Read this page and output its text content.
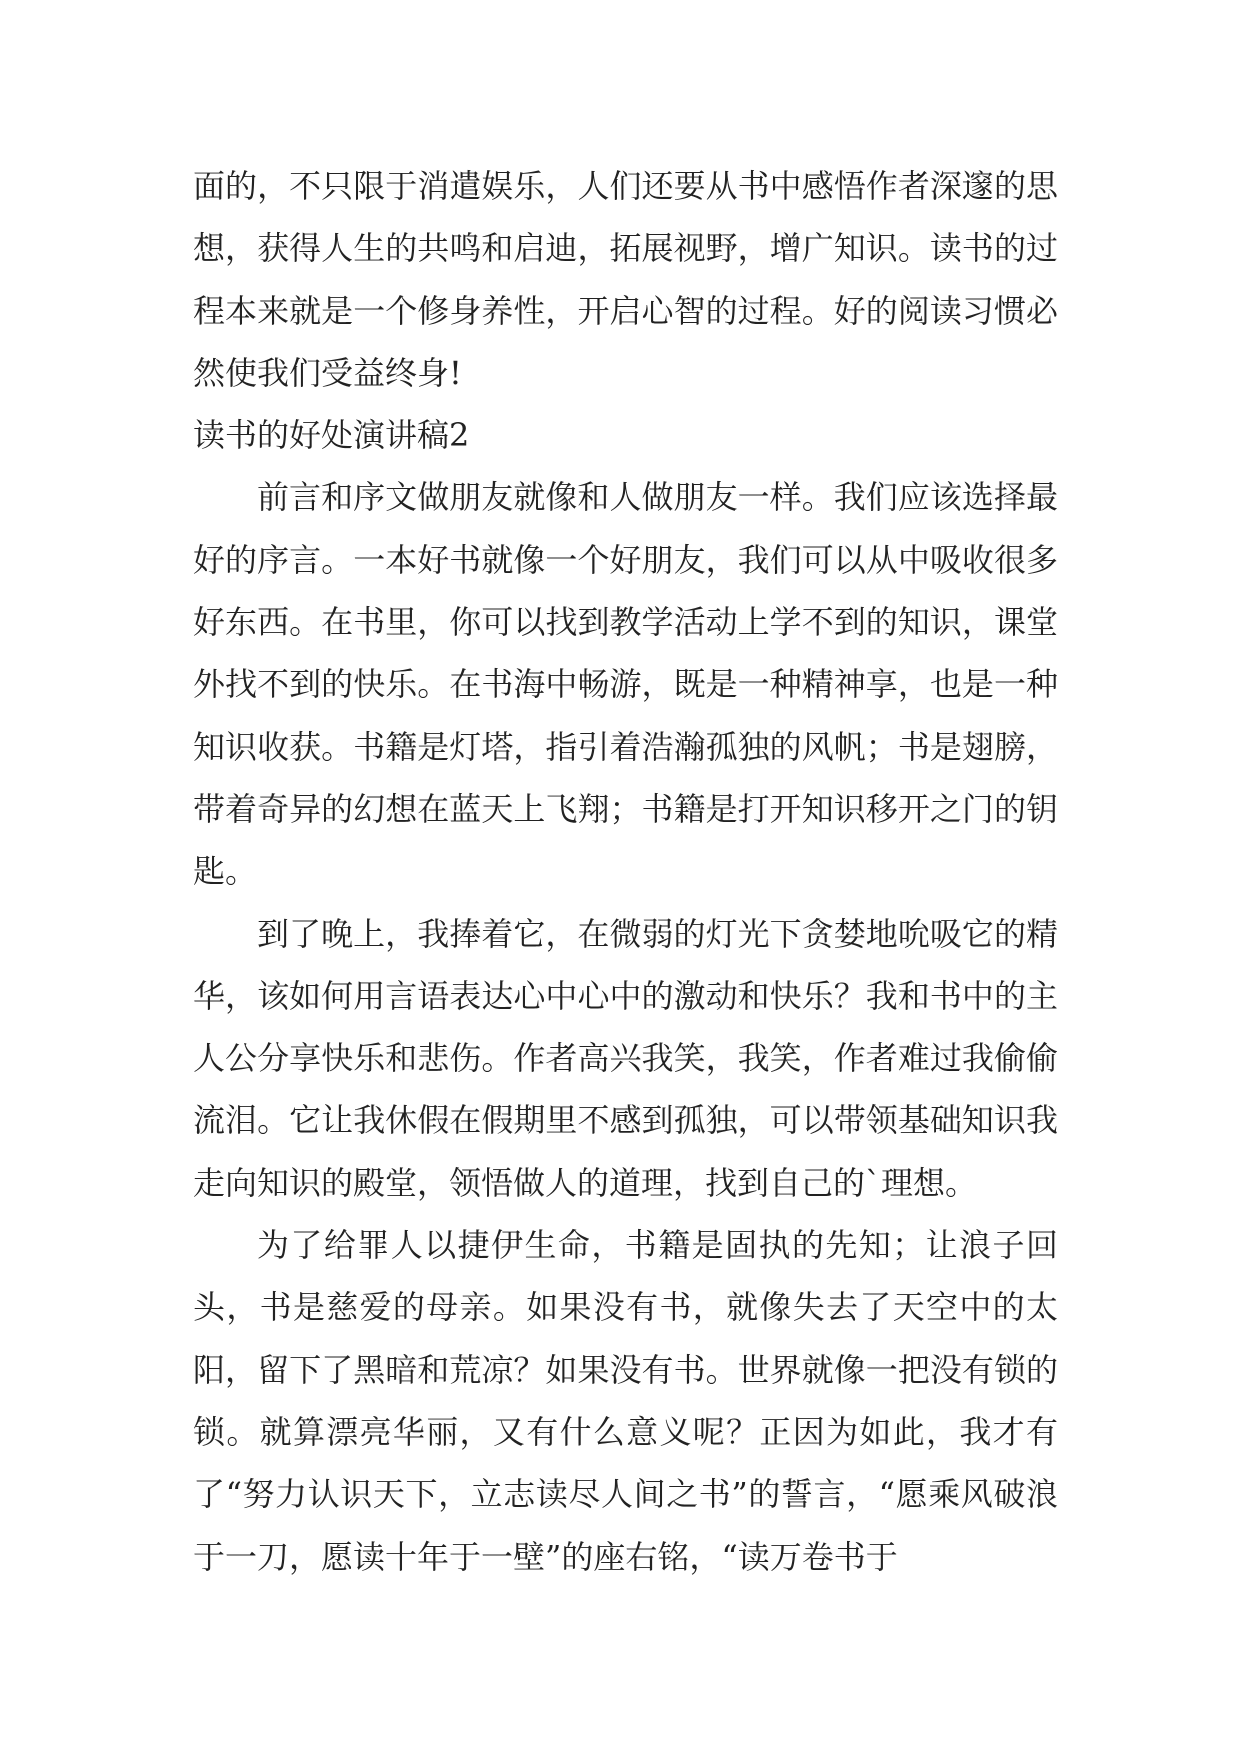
面的，不只限于消遣娱乐，人们还要从书中感悟作者深邃的思想，获得人生的共鸣和启迪，拓展视野，增广知识。读书的过程本来就是一个修身养性，开启心智的过程。好的阅读习惯必然使我们受益终身!

读书的好处演讲稿2

前言和序文做朋友就像和人做朋友一样。我们应该选择最好的序言。一本好书就像一个好朋友，我们可以从中吸收很多好东西。在书里，你可以找到教学活动上学不到的知识，课堂外找不到的快乐。在书海中畅游，既是一种精神享，也是一种知识收获。书籍是灯塔，指引着浩瀚孤独的风帆；书是翅膀，带着奇异的幻想在蓝天上飞翔；书籍是打开知识移开之门的钥匙。

到了晚上，我捧着它，在微弱的灯光下贪婪地吮吸它的精华，该如何用言语表达心中心中的激动和快乐？我和书中的主人公分享快乐和悲伤。作者高兴我笑，我笑，作者难过我偷偷流泪。它让我休假在假期里不感到孤独，可以带领基础知识我走向知识的殿堂，领悟做人的道理，找到自己的`理想。

为了给罪人以捷伊生命，书籍是固执的先知；让浪子回头，书是慈爱的母亲。如果没有书，就像失去了天空中的太阳，留下了黑暗和荒凉？如果没有书。世界就像一把没有锁的锁。就算漂亮华丽，又有什么意义呢？正因为如此，我才有了“努力认识天下，立志读尽人间之书”的誓言，“愿乘风破浪于一刀，愿读十年于一壁”的座右铭，“读万卷书于
